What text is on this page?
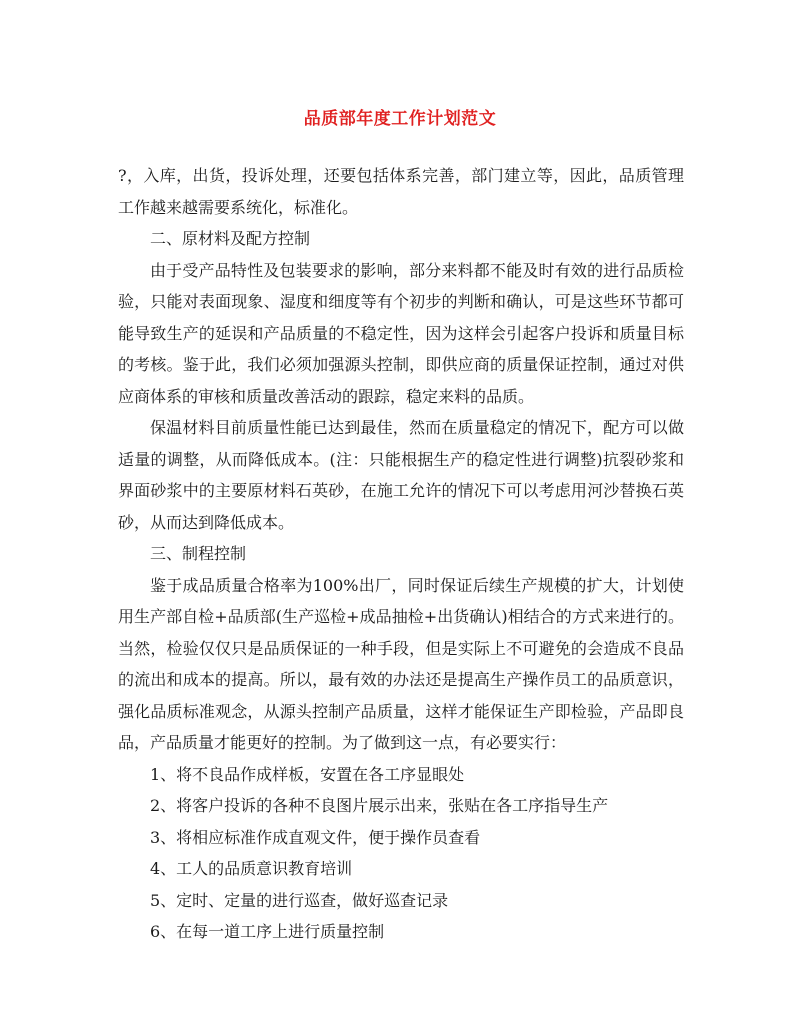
品质部年度工作计划范文

?，入库，出货，投诉处理，还要包括体系完善，部门建立等，因此，品质管理工作越来越需要系统化，标准化。

二、原材料及配方控制

由于受产品特性及包装要求的影响，部分来料都不能及时有效的进行品质检验，只能对表面现象、湿度和细度等有个初步的判断和确认，可是这些环节都可能导致生产的延误和产品质量的不稳定性，因为这样会引起客户投诉和质量目标的考核。鉴于此，我们必须加强源头控制，即供应商的质量保证控制，通过对供应商体系的审核和质量改善活动的跟踪，稳定来料的品质。

保温材料目前质量性能已达到最佳，然而在质量稳定的情况下，配方可以做适量的调整，从而降低成本。(注：只能根据生产的稳定性进行调整)抗裂砂浆和界面砂浆中的主要原材料石英砂，在施工允许的情况下可以考虑用河沙替换石英砂，从而达到降低成本。

三、制程控制

鉴于成品质量合格率为100%出厂，同时保证后续生产规模的扩大，计划使用生产部自检+品质部(生产巡检+成品抽检+出货确认)相结合的方式来进行的。当然，检验仅仅只是品质保证的一种手段，但是实际上不可避免的会造成不良品的流出和成本的提高。所以，最有效的办法还是提高生产操作员工的品质意识，强化品质标准观念，从源头控制产品质量，这样才能保证生产即检验，产品即良品，产品质量才能更好的控制。为了做到这一点，有必要实行：

1、将不良品作成样板，安置在各工序显眼处

2、将客户投诉的各种不良图片展示出来，张贴在各工序指导生产

3、将相应标准作成直观文件，便于操作员查看

4、工人的品质意识教育培训

5、定时、定量的进行巡查，做好巡查记录

6、在每一道工序上进行质量控制
